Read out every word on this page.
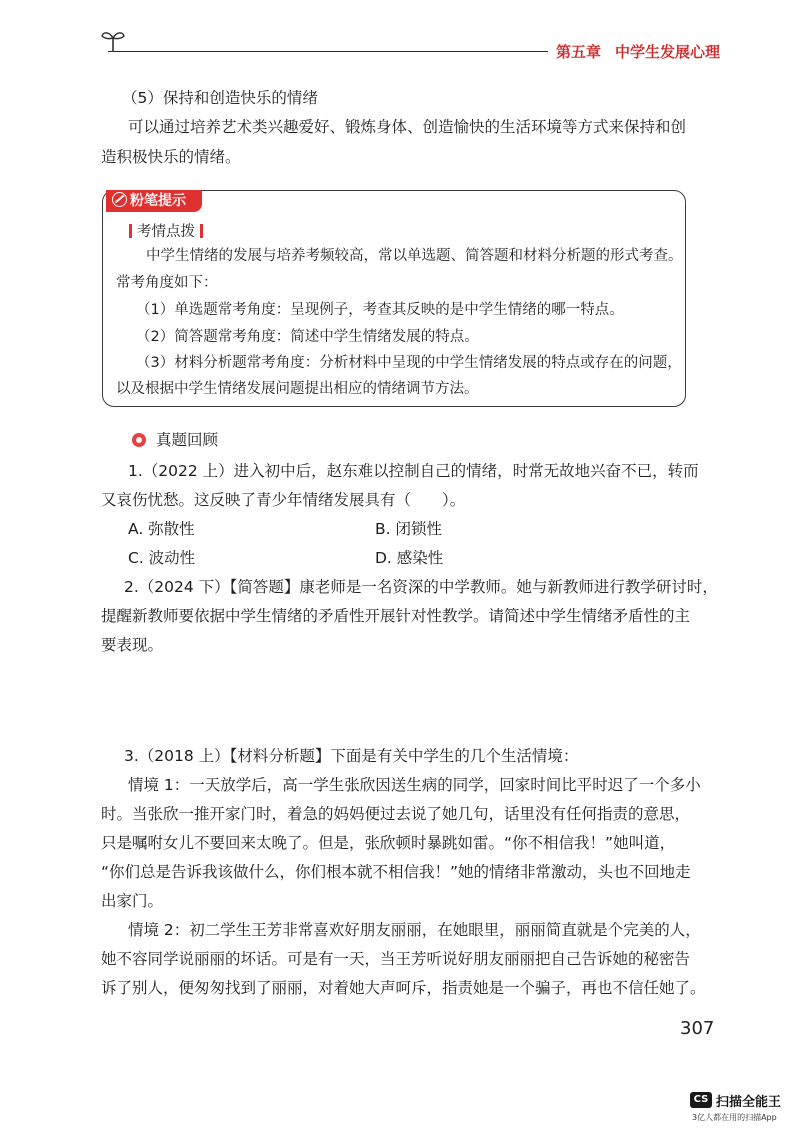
第五章 中学生发展心理
（5）保持和创造快乐的情绪
可以通过培养艺术类兴趣爱好、锻炼身体、创造愉快的生活环境等方式来保持和创
造积极快乐的情绪。
粉笔提示
考情点拨
中学生情绪的发展与培养考频较高，常以单选题、简答题和材料分析题的形式考查。
常考角度如下：
（1）单选题常考角度：呈现例子，考查其反映的是中学生情绪的哪一特点。
（2）简答题常考角度：简述中学生情绪发展的特点。
（3）材料分析题常考角度：分析材料中呈现的中学生情绪发展的特点或存在的问题，
以及根据中学生情绪发展问题提出相应的情绪调节方法。
真题回顾
1.（2022 上）进入初中后，赵东难以控制自己的情绪，时常无故地兴奋不已，转而
又哀伤忧愁。这反映了青少年情绪发展具有（　　）。
A. 弥散性	B. 闭锁性
C. 波动性	D. 感染性
2.（2024 下）【简答题】康老师是一名资深的中学教师。她与新教师进行教学研讨时，
提醒新教师要依据中学生情绪的矛盾性开展针对性教学。请简述中学生情绪矛盾性的主
要表现。
3.（2018 上）【材料分析题】下面是有关中学生的几个生活情境：
情境 1：一天放学后，高一学生张欣因送生病的同学，回家时间比平时迟了一个多小
时。当张欣一推开家门时，着急的妈妈便过去说了她几句，话里没有任何指责的意思，
只是嘱咐女儿不要回来太晚了。但是，张欣顿时暴跳如雷。“你不相信我！”她叫道，
“你们总是告诉我该做什么，你们根本就不相信我！”她的情绪非常激动，头也不回地走
出家门。
情境 2：初二学生王芳非常喜欢好朋友丽丽，在她眼里，丽丽简直就是个完美的人，
她不容同学说丽丽的坏话。可是有一天，当王芳听说好朋友丽丽把自己告诉她的秘密告
诉了别人，便匆匆找到了丽丽，对着她大声呵斥，指责她是一个骗子，再也不信任她了。
307
CS 扫描全能王
3亿人都在用的扫描App
